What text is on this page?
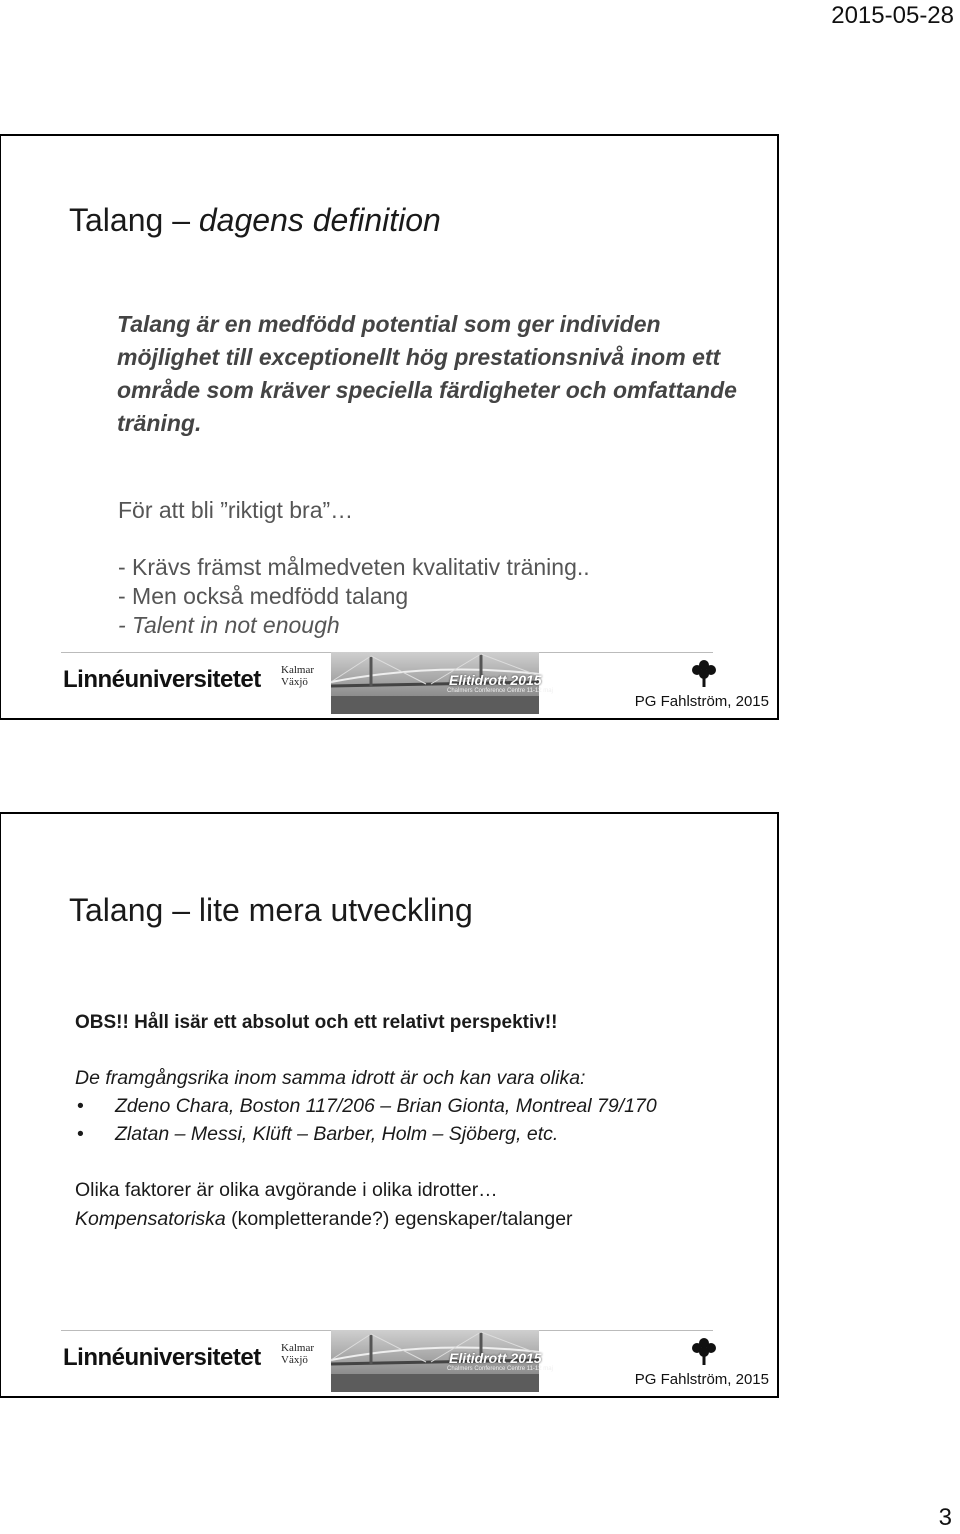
2015-05-28
Talang – dagens definition
Talang är en medfödd potential som ger individen möjlighet till exceptionellt hög prestationsnivå inom ett område som kräver speciella färdigheter och omfattande träning.
För att bli ”riktigt bra”…
- Krävs främst målmedveten kvalitativ träning..
- Men också medfödd talang
- Talent in not enough
Linnéuniversitetet Kalmar
Växjö	Elitidrott 2015
Chalmers Conference Centre 11-12 maj
PG Fahlström, 2015
Talang – lite mera utveckling
OBS!! Håll isär ett absolut och ett relativt perspektiv!!
De framgångsrika inom samma idrott är och kan vara olika:
• Zdeno Chara, Boston 117/206 – Brian Gionta, Montreal 79/170
• Zlatan – Messi, Klüft – Barber, Holm – Sjöberg, etc.
Olika faktorer är olika avgörande i olika idrotter…
Kompensatoriska (kompletterande?) egenskaper/talanger
Linnéuniversitetet Kalmar
Växjö	Elitidrott 2015
Chalmers Conference Centre 11-12 maj
PG Fahlström, 2015
3
